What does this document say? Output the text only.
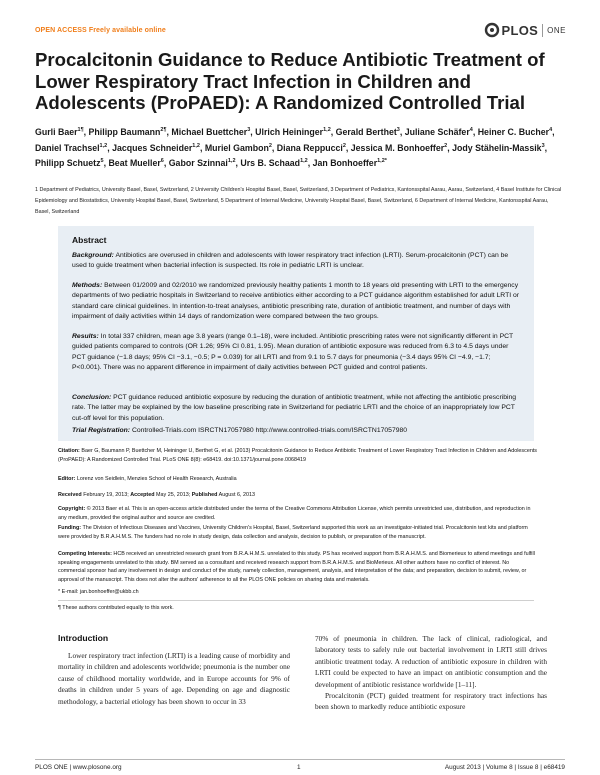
OPEN ACCESS Freely available online	PLOS ONE
Procalcitonin Guidance to Reduce Antibiotic Treatment of Lower Respiratory Tract Infection in Children and Adolescents (ProPAED): A Randomized Controlled Trial
Gurli Baer$^{1\P}$, Philipp Baumann$^{2\P}$, Michael Buettcher$^3$, Ulrich Heininger$^{1,2}$, Gerald Berthet$^3$, Juliane Schäfer$^4$, Heiner C. Bucher$^4$, Daniel Trachsel$^{1,2}$, Jacques Schneider$^{1,2}$, Muriel Gambon$^2$, Diana Reppucci$^2$, Jessica M. Bonhoeffer$^2$, Jody Stähelin-Massik$^3$, Philipp Schuetz$^5$, Beat Mueller$^6$, Gabor Szinnai$^{1,2}$, Urs B. Schaad$^{1,2}$, Jan Bonhoeffer$^{1,2*}$
1 Department of Pediatrics, University Basel, Basel, Switzerland, 2 University Children's Hospital Basel, Basel, Switzerland, 3 Department of Pediatrics, Kantonsspital Aarau, Aarau, Switzerland, 4 Basel Institute for Clinical Epidemiology and Biostatistics, University Hospital Basel, Basel, Switzerland, 5 Department of Internal Medicine, University Hospital Basel, Basel, Switzerland, 6 Department of Internal Medicine, Kantonsspital Aarau, Basel, Switzerland
Abstract
Background: Antibiotics are overused in children and adolescents with lower respiratory tract infection (LRTI). Serum-procalcitonin (PCT) can be used to guide treatment when bacterial infection is suspected. Its role in pediatric LRTI is unclear.
Methods: Between 01/2009 and 02/2010 we randomized previously healthy patients 1 month to 18 years old presenting with LRTI to the emergency departments of two pediatric hospitals in Switzerland to receive antibiotics either according to a PCT guidance algorithm established for adult LRTI or standard care clinical guidelines. In intention-to-treat analyses, antibiotic prescribing rate, duration of antibiotic treatment, and number of days with impairment of daily activities within 14 days of randomization were compared between the two groups.
Results: In total 337 children, mean age 3.8 years (range 0.1–18), were included. Antibiotic prescribing rates were not significantly different in PCT guided patients compared to controls (OR 1.26; 95% CI 0.81, 1.95). Mean duration of antibiotic exposure was reduced from 6.3 to 4.5 days under PCT guidance (−1.8 days; 95% CI −3.1, −0.5; P = 0.039) for all LRTI and from 9.1 to 5.7 days for pneumonia (−3.4 days 95% CI −4.9, −1.7; P<0.001). There was no apparent difference in impairment of daily activities between PCT guided and control patients.
Conclusion: PCT guidance reduced antibiotic exposure by reducing the duration of antibiotic treatment, while not affecting the antibiotic prescribing rate. The latter may be explained by the low baseline prescribing rate in Switzerland for pediatric LRTI and the choice of an inappropriately low PCT cut-off level for this population.
Trial Registration: Controlled-Trials.com ISRCTN17057980 http://www.controlled-trials.com/ISRCTN17057980
Citation: Baer G, Baumann P, Buettcher M, Heininger U, Berthet G, et al. (2013) Procalcitonin Guidance to Reduce Antibiotic Treatment of Lower Respiratory Tract Infection in Children and Adolescents (ProPAED): A Randomized Controlled Trial. PLoS ONE 8(8): e68419. doi:10.1371/journal.pone.0068419
Editor: Lorenz von Seidlein, Menzies School of Health Research, Australia
Received February 19, 2013; Accepted May 25, 2013; Published August 6, 2013
Copyright: © 2013 Baer et al. This is an open-access article distributed under the terms of the Creative Commons Attribution License, which permits unrestricted use, distribution, and reproduction in any medium, provided the original author and source are credited.
Funding: The Division of Infectious Diseases and Vaccines, University Children's Hospital, Basel, Switzerland supported this work as an investigator-initiated trial. Procalcitonin test kits and platform were provided by B.R.A.H.M.S. The funders had no role in study design, data collection and analysis, decision to publish, or preparation of the manuscript.
Competing Interests: HCB received an unrestricted research grant from B.R.A.H.M.S. unrelated to this study. PS has received support from B.R.A.H.M.S. and Biomerieux to attend meetings and fulfill speaking engagements unrelated to this study. BM served as a consultant and received research support from B.R.A.H.M.S. and BioMerieux. All other authors have no conflict of interest. No commercial sponsor had any involvement in design and conduct of the study, namely collection, management, analysis, and interpretation of the data; and preparation, decision to submit, review, or approval of the manuscript. This does not alter the authors' adherence to all the PLOS ONE policies on sharing data and materials.
* E-mail: jan.bonhoeffer@ukbb.ch
¶ These authors contributed equally to this work.
Introduction

Lower respiratory tract infection (LRTI) is a leading cause of morbidity and mortality in children and adolescents worldwide; pneumonia is the number one cause of childhood mortality worldwide, and in Europe accounts for 9% of deaths in children under 5 years of age. Depending on age and diagnostic methodology, a bacterial etiology has been shown to occur in 33

70% of pneumonia in children. The lack of clinical, radiological, and laboratory tests to safely rule out bacterial involvement in LRTI still drives antibiotic treatment today. A reduction of antibiotic exposure in children with LRTI could be expected to have an impact on antibiotic consumption and the development of antibiotic resistance worldwide [1–11].

Procalcitonin (PCT) guided treatment for respiratory tract infections has been shown to markedly reduce antibiotic exposure

PLOS ONE | www.plosone.org	1	August 2013 | Volume 8 | Issue 8 | e68419
